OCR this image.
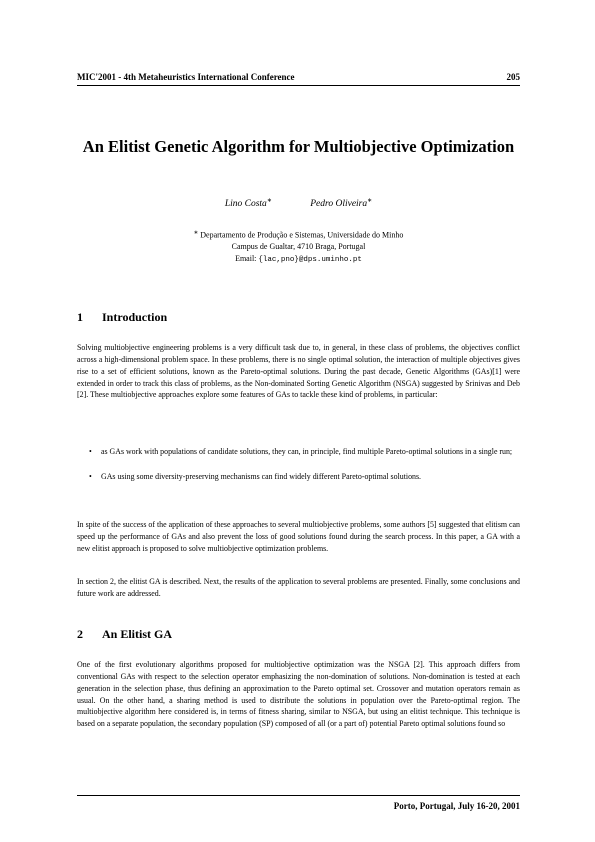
MIC'2001 - 4th Metaheuristics International Conference	205
An Elitist Genetic Algorithm for Multiobjective Optimization
Lino Costa∗	Pedro Oliveira∗
∗ Departamento de Produção e Sistemas, Universidade do Minho
Campus de Gualtar, 4710 Braga, Portugal
Email: {lac,pno}@dps.uminho.pt
1 Introduction
Solving multiobjective engineering problems is a very difficult task due to, in general, in these class of problems, the objectives conflict across a high-dimensional problem space. In these problems, there is no single optimal solution, the interaction of multiple objectives gives rise to a set of efficient solutions, known as the Pareto-optimal solutions. During the past decade, Genetic Algorithms (GAs)[1] were extended in order to track this class of problems, as the Non-dominated Sorting Genetic Algorithm (NSGA) suggested by Srinivas and Deb [2]. These multiobjective approaches explore some features of GAs to tackle these kind of problems, in particular:
• as GAs work with populations of candidate solutions, they can, in principle, find multiple Pareto-optimal solutions in a single run;
• GAs using some diversity-preserving mechanisms can find widely different Pareto-optimal solutions.
In spite of the success of the application of these approaches to several multiobjective problems, some authors [5] suggested that elitism can speed up the performance of GAs and also prevent the loss of good solutions found during the search process. In this paper, a GA with a new elitist approach is proposed to solve multiobjective optimization problems.
In section 2, the elitist GA is described. Next, the results of the application to several problems are presented. Finally, some conclusions and future work are addressed.
2 An Elitist GA
One of the first evolutionary algorithms proposed for multiobjective optimization was the NSGA [2]. This approach differs from conventional GAs with respect to the selection operator emphasizing the non-domination of solutions. Non-domination is tested at each generation in the selection phase, thus defining an approximation to the Pareto optimal set. Crossover and mutation operators remain as usual. On the other hand, a sharing method is used to distribute the solutions in population over the Pareto-optimal region. The multiobjective algorithm here considered is, in terms of fitness sharing, similar to NSGA, but using an elitist technique. This technique is based on a separate population, the secondary population (SP) composed of all (or a part of) potential Pareto optimal solutions found so
Porto, Portugal, July 16-20, 2001
